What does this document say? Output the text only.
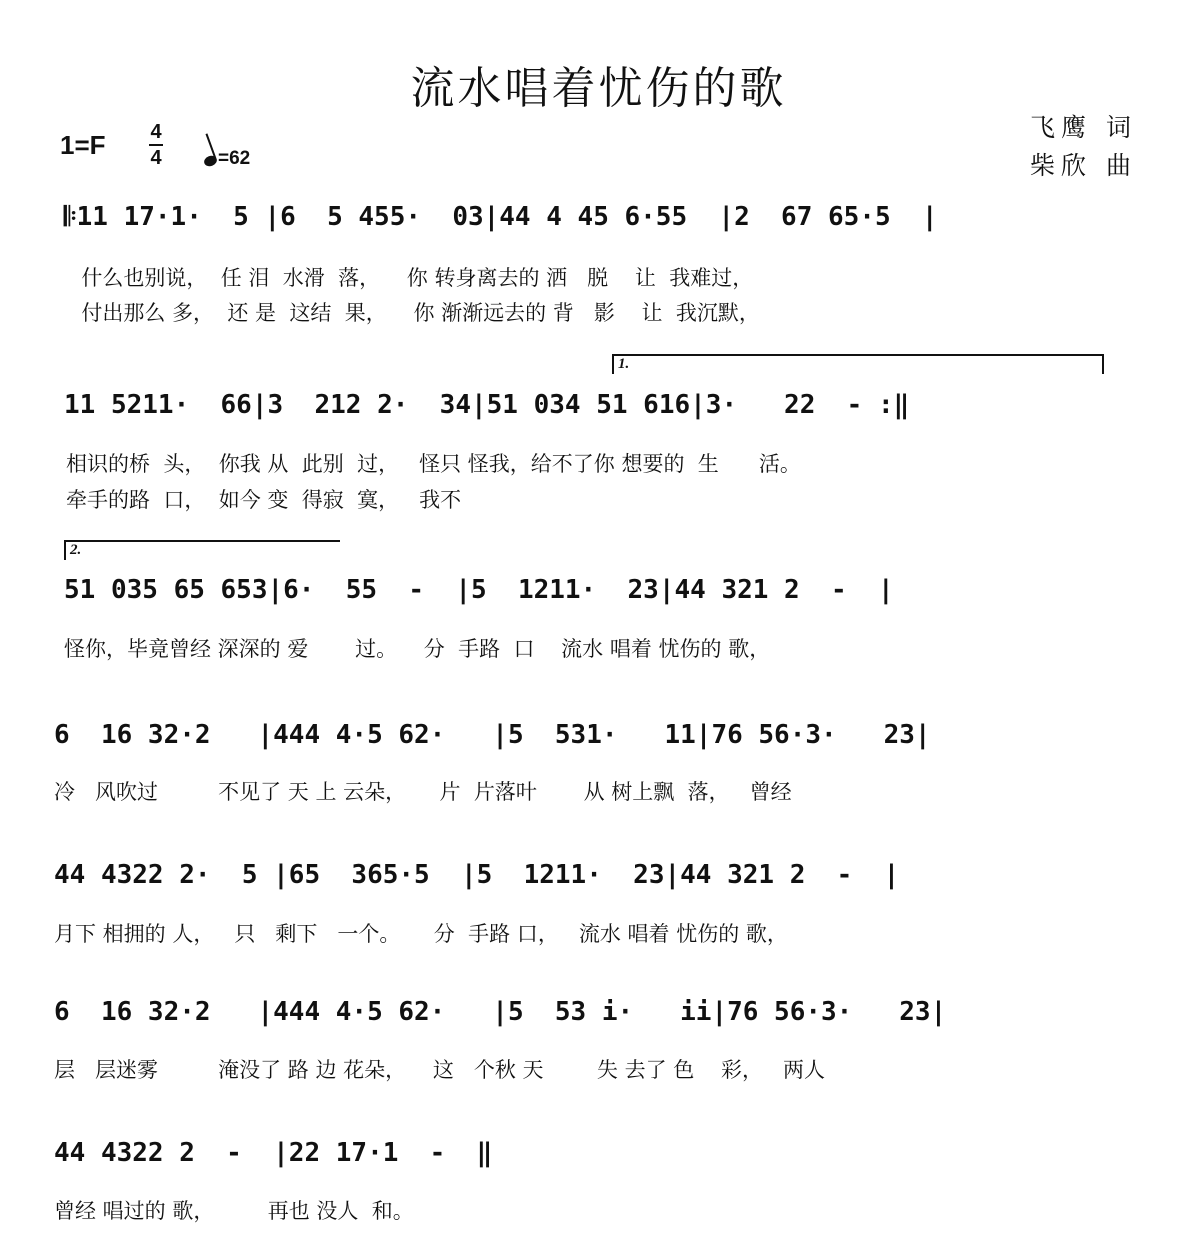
流水唱着忧伤的歌
飞鹰 词
柴欣 曲
1=F 4
4	=62
𝄆11 17·1·  5 |6  5 455·  03|44 4 45 6·55  |2  67 65·5  |
什么也别说，  任 泪  水滑  落，    你 转身离去的 洒   脱    让  我难过，
付出那么 多，  还 是  这结  果，    你 渐渐远去的 背   影    让  我沉默，
1.
11 5211·  66|3  212 2·  34|51 034 51 616|3·   22  - :‖
相识的桥  头，  你我 从  此别  过，   怪只 怪我，给不了你 想要的  生      活。
牵手的路  口，  如今 变  得寂  寞，   我不
2.
51 035 65 653|6·  55  -  |5  1211·  23|44 321 2  -  |
怪你，毕竟曾经 深深的 爱       过。    分  手路  口    流水 唱着 忧伤的 歌，
6  16 32·2   |444 4·5 62·   |5  531·   11|76 56·3·   23|
冷   风吹过         不见了 天 上 云朵，     片  片落叶       从 树上飘  落，   曾经
44 4322 2·  5 |65  365·5  |5  1211·  23|44 321 2  -  |
月下 相拥的 人，   只   剩下   一个。     分  手路 口，   流水 唱着 忧伤的 歌，
6  16 32·2   |444 4·5 62·   |5  53 i·   ii|76 56·3·   23|
层   层迷雾         淹没了 路 边 花朵，    这   个秋 天        失 去了 色    彩，   两人
44 4322 2  -  |22 17·1  -  ‖
曾经 唱过的 歌，        再也 没人  和。
